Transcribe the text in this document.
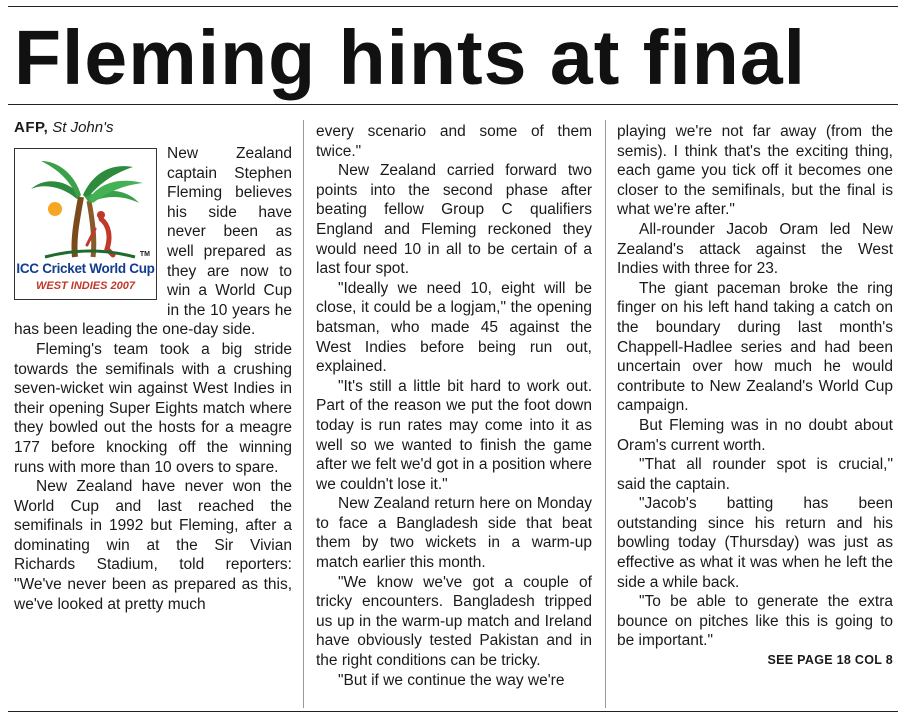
Fleming hints at final
AFP, St John's
TM
ICC Cricket World Cup
WEST INDIES 2007

New Zealand captain Stephen Fleming believes his side have never been as well prepared as they are now to win a World Cup in the 10 years he has been leading the one-day side.

Fleming's team took a big stride towards the semifinals with a crushing seven-wicket win against West Indies in their opening Super Eights match where they bowled out the hosts for a meagre 177 before knocking off the winning runs with more than 10 overs to spare.

New Zealand have never won the World Cup and last reached the semifinals in 1992 but Fleming, after a dominating win at the Sir Vivian Richards Stadium, told reporters: "We've never been as prepared as this, we've looked at pretty much

every scenario and some of them twice."

New Zealand carried forward two points into the second phase after beating fellow Group C qualifiers England and Fleming reckoned they would need 10 in all to be certain of a last four spot.

"Ideally we need 10, eight will be close, it could be a logjam," the opening batsman, who made 45 against the West Indies before being run out, explained.

"It's still a little bit hard to work out. Part of the reason we put the foot down today is run rates may come into it as well so we wanted to finish the game after we felt we'd got in a position where we couldn't lose it."

New Zealand return here on Monday to face a Bangladesh side that beat them by two wickets in a warm-up match earlier this month.

"We know we've got a couple of tricky encounters. Bangladesh tripped us up in the warm-up match and Ireland have obviously tested Pakistan and in the right conditions can be tricky.

"But if we continue the way we're

playing we're not far away (from the semis). I think that's the exciting thing, each game you tick off it becomes one closer to the semifinals, but the final is what we're after."

All-rounder Jacob Oram led New Zealand's attack against the West Indies with three for 23.

The giant paceman broke the ring finger on his left hand taking a catch on the boundary during last month's Chappell-Hadlee series and had been uncertain over how much he would contribute to New Zealand's World Cup campaign.

But Fleming was in no doubt about Oram's current worth.

"That all rounder spot is crucial," said the captain.

"Jacob's batting has been outstanding since his return and his bowling today (Thursday) was just as effective as what it was when he left the side a while back.

"To be able to generate the extra bounce on pitches like this is going to be important."

SEE PAGE 18 COL 8
